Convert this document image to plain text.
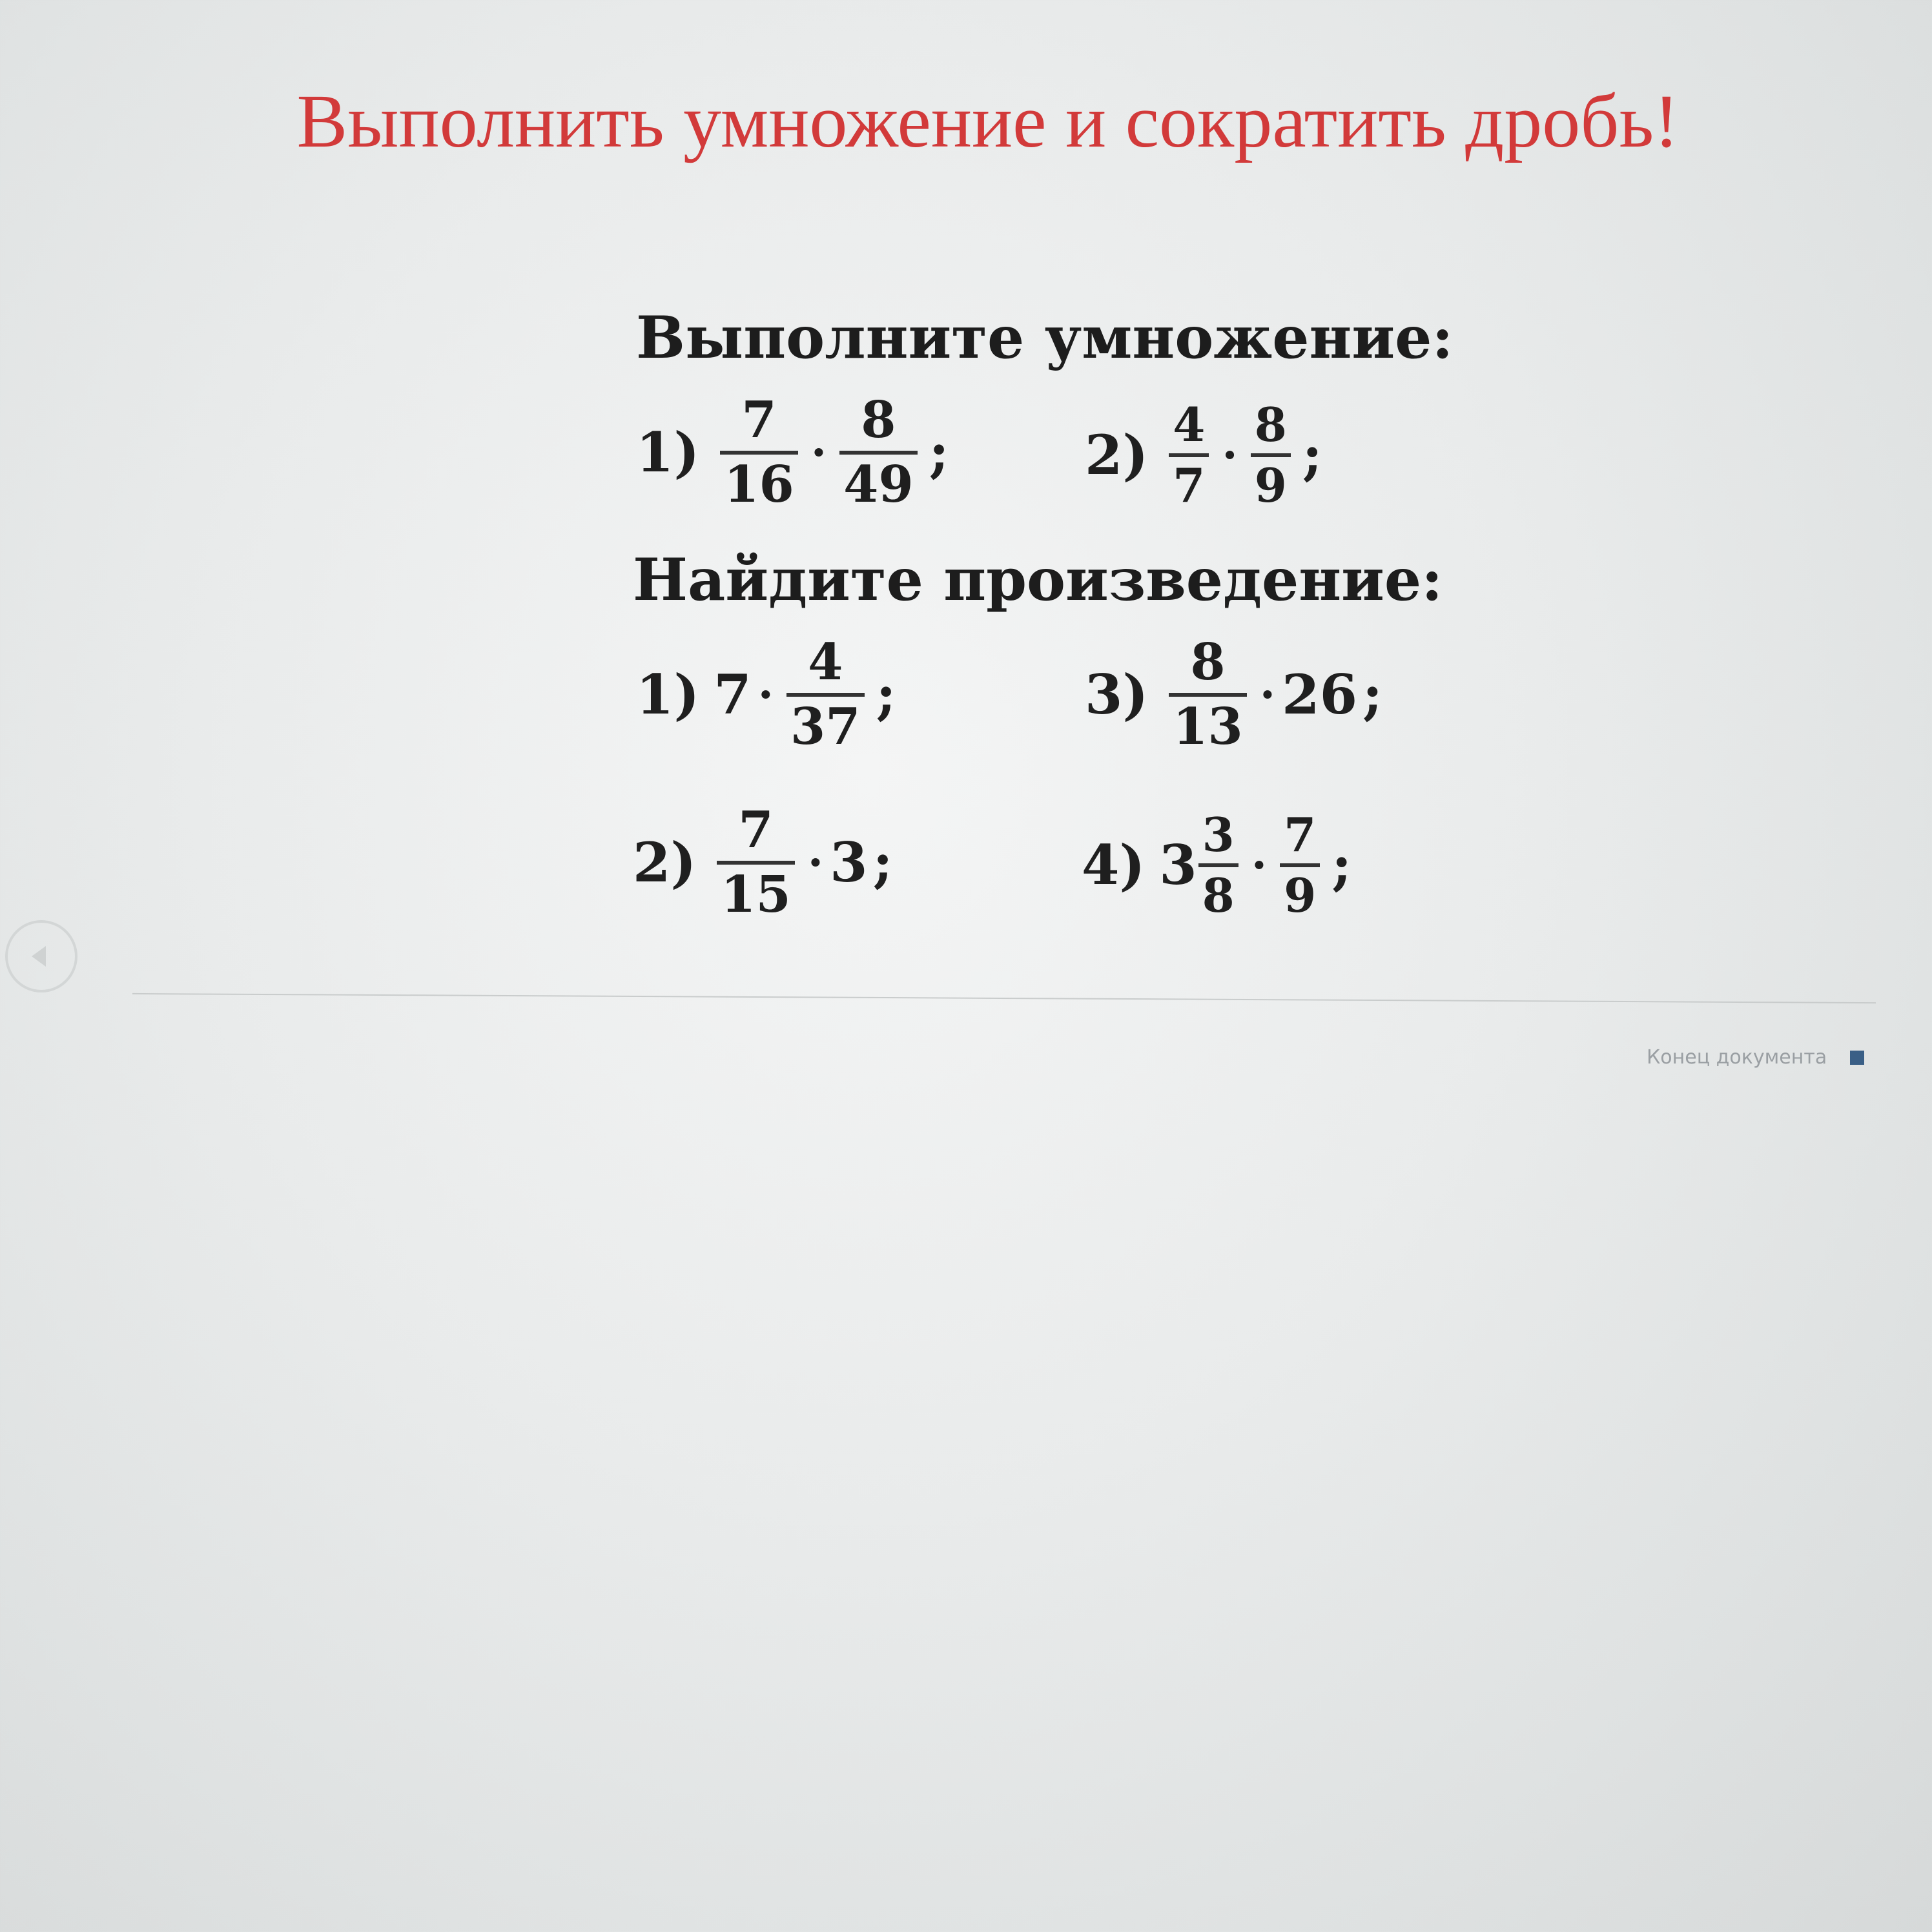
Выполнить умножение и сократить дробь!
Выполните умножение:
1)
7
16
·
8
49 ;	2) 4
7
·
8
9 ;
Найдите произведение:
1) 7 ·
4
37 ;	3)
8
13
· 26 ;
2)
7
15
· 3 ;	4) 3 3
8
·
7
9 ;
Конец документа
